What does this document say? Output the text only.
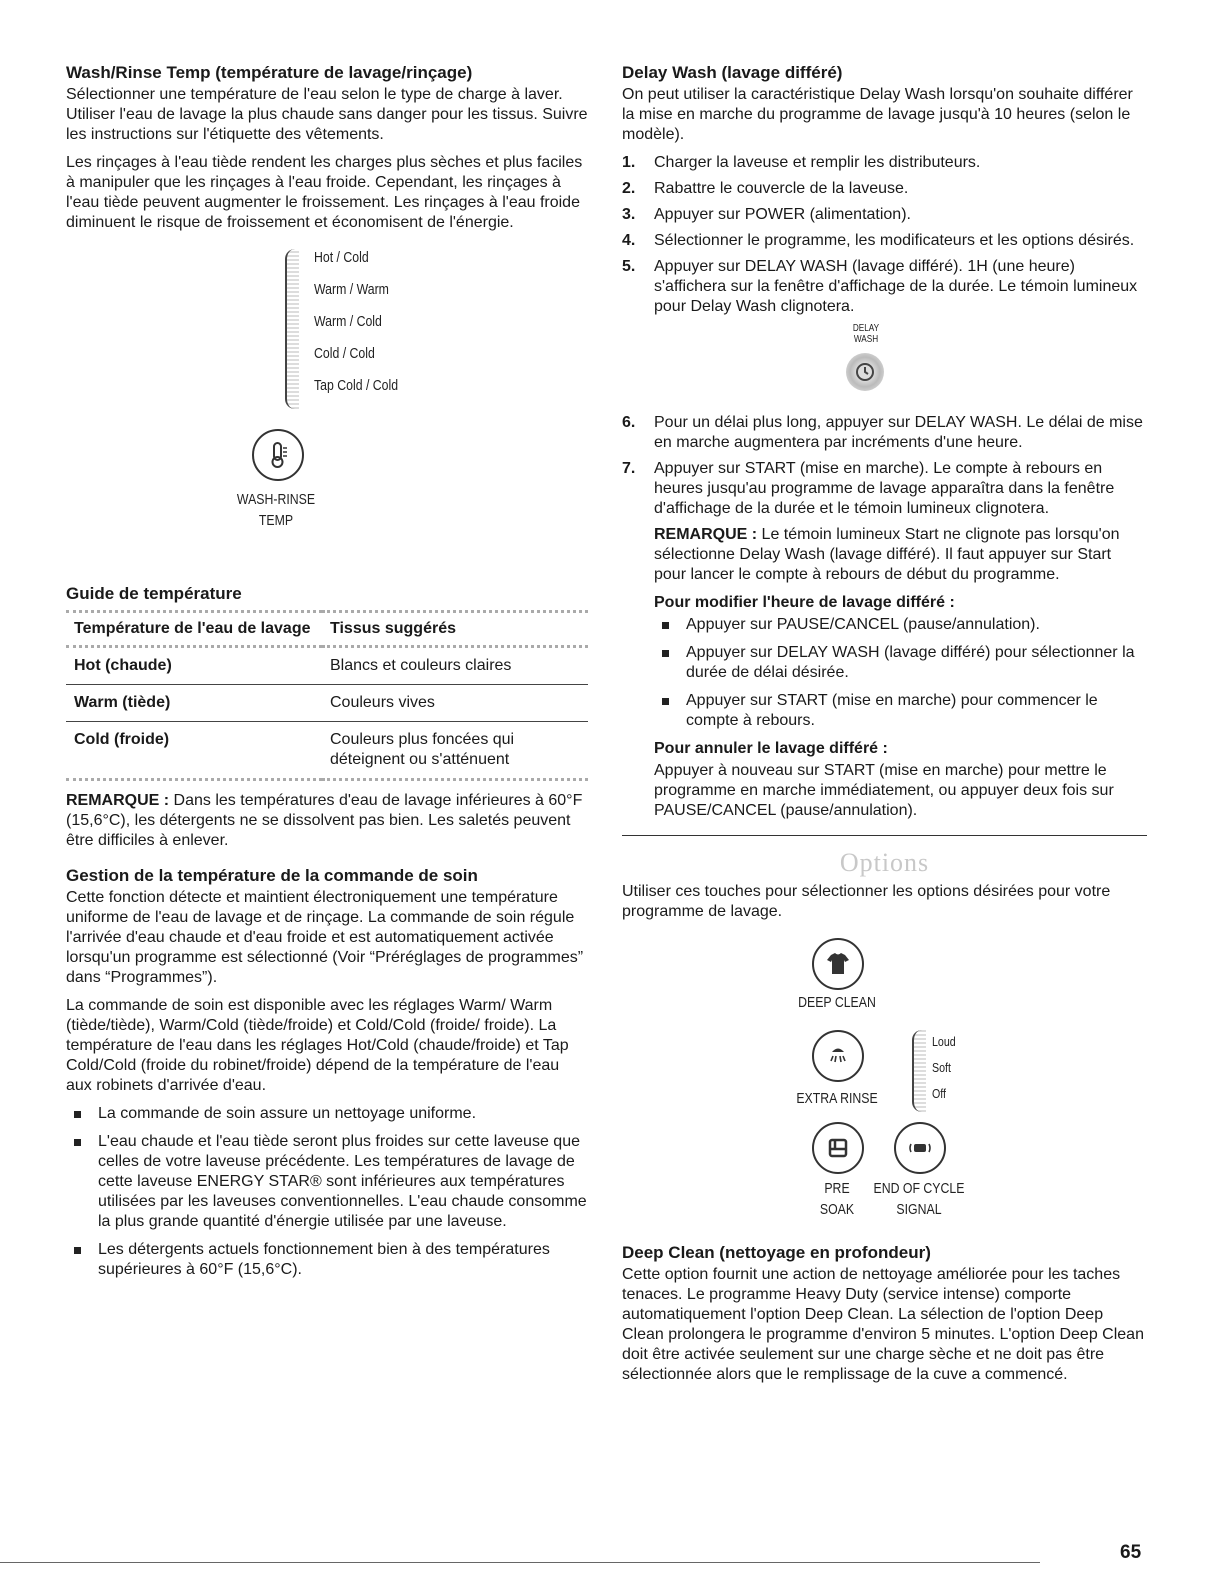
Wash/Rinse Temp (température de lavage/rinçage)

Sélectionner une température de l'eau selon le type de charge à laver. Utiliser l'eau de lavage la plus chaude sans danger pour les tissus. Suivre les instructions sur l'étiquette des vêtements.

Les rinçages à l'eau tiède rendent les charges plus sèches et plus faciles à manipuler que les rinçages à l'eau froide. Cependant, les rinçages à l'eau tiède peuvent augmenter le froissement. Les rinçages à l'eau froide diminuent le risque de froissement et économisent de l'énergie.

Hot / Cold
Warm / Warm
Warm / Cold
Cold / Cold
Tap Cold / Cold
WASH-RINSE
TEMP
Guide de température
Température de l'eau de lavage	Tissus suggérés
Hot (chaude)	Blancs et couleurs claires
Warm (tiède)	Couleurs vives
Cold (froide)	Couleurs plus foncées qui déteignent ou s'atténuent

REMARQUE : Dans les températures d'eau de lavage inférieures à 60°F (15,6°C), les détergents ne se dissolvent pas bien. Les saletés peuvent être difficiles à enlever.

Gestion de la température de la commande de soin

Cette fonction détecte et maintient électroniquement une température uniforme de l'eau de lavage et de rinçage. La commande de soin régule l'arrivée d'eau chaude et d'eau froide et est automatiquement activée lorsqu'un programme est sélectionné (Voir “Préréglages de programmes” dans “Programmes”).

La commande de soin est disponible avec les réglages Warm/ Warm (tiède/tiède), Warm/Cold (tiède/froide) et Cold/Cold (froide/ froide). La température de l'eau dans les réglages Hot/Cold (chaude/froide) et Tap Cold/Cold (froide du robinet/froide) dépend de la température de l'eau aux robinets d'arrivée d'eau.

La commande de soin assure un nettoyage uniforme.
L'eau chaude et l'eau tiède seront plus froides sur cette laveuse que celles de votre laveuse précédente. Les températures de lavage de cette laveuse ENERGY STAR® sont inférieures aux températures utilisées par les laveuses conventionnelles. L'eau chaude consomme la plus grande quantité d'énergie utilisée par une laveuse.
Les détergents actuels fonctionnement bien à des températures supérieures à 60°F (15,6°C).
Delay Wash (lavage différé)

On peut utiliser la caractéristique Delay Wash lorsqu'on souhaite différer la mise en marche du programme de lavage jusqu'à 10 heures (selon le modèle).

1. Charger la laveuse et remplir les distributeurs.
2. Rabattre le couvercle de la laveuse.
3. Appuyer sur POWER (alimentation).
4. Sélectionner le programme, les modificateurs et les options désirés.
5. Appuyer sur DELAY WASH (lavage différé). 1H (une heure) s'affichera sur la fenêtre d'affichage de la durée. Le témoin lumineux pour Delay Wash clignotera.
DELAY
WASH
6. Pour un délai plus long, appuyer sur DELAY WASH. Le délai de mise en marche augmentera par incréments d'une heure.
7. Appuyer sur START (mise en marche). Le compte à rebours en heures jusqu'au programme de lavage apparaîtra dans la fenêtre d'affichage de la durée et le témoin lumineux clignotera.

REMARQUE : Le témoin lumineux Start ne clignote pas lorsqu'on sélectionne Delay Wash (lavage différé). Il faut appuyer sur Start pour lancer le compte à rebours de début du programme.

Pour modifier l'heure de lavage différé :
Appuyer sur PAUSE/CANCEL (pause/annulation).
Appuyer sur DELAY WASH (lavage différé) pour sélectionner la durée de délai désirée.
Appuyer sur START (mise en marche) pour commencer le compte à rebours.
Pour annuler le lavage différé :

Appuyer à nouveau sur START (mise en marche) pour mettre le programme en marche immédiatement, ou appuyer deux fois sur PAUSE/CANCEL (pause/annulation).

Options

Utiliser ces touches pour sélectionner les options désirées pour votre programme de lavage.

DEEP CLEAN
EXTRA RINSE
Loud
Soft
Off
PRE
SOAK
END OF CYCLE
SIGNAL
Deep Clean (nettoyage en profondeur)

Cette option fournit une action de nettoyage améliorée pour les taches tenaces. Le programme Heavy Duty (service intense) comporte automatiquement l'option Deep Clean. La sélection de l'option Deep Clean prolongera le programme d'environ 5 minutes. L'option Deep Clean doit être activée seulement sur une charge sèche et ne doit pas être sélectionnée alors que le remplissage de la cuve a commencé.

65
